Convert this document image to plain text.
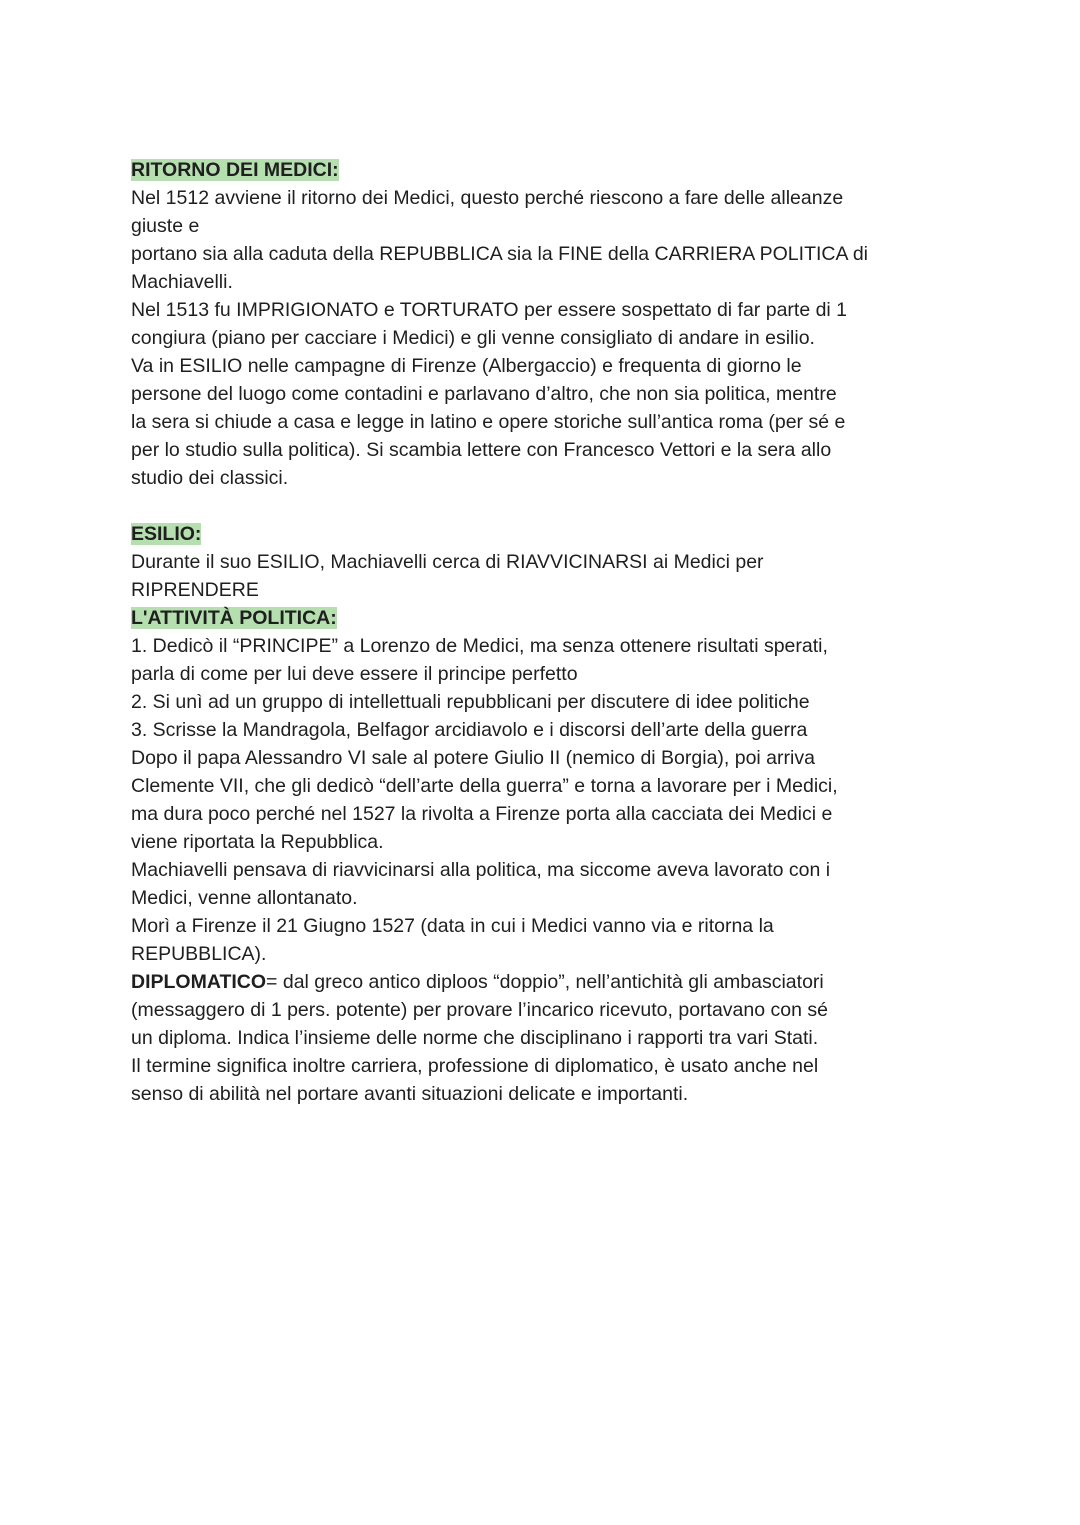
RITORNO DEI MEDICI:
Nel 1512 avviene il ritorno dei Medici, questo perché riescono a fare delle alleanze
giuste e
portano sia alla caduta della REPUBBLICA sia la FINE della CARRIERA POLITICA di
Machiavelli.
Nel 1513 fu IMPRIGIONATO e TORTURATO per essere sospettato di far parte di 1
congiura (piano per cacciare i Medici) e gli venne consigliato di andare in esilio.
Va in ESILIO nelle campagne di Firenze (Albergaccio) e frequenta di giorno le
persone del luogo come contadini e parlavano d’altro, che non sia politica, mentre
la sera si chiude a casa e legge in latino e opere storiche sull’antica roma (per sé e
per lo studio sulla politica). Si scambia lettere con Francesco Vettori e la sera allo
studio dei classici.
ESILIO:
Durante il suo ESILIO, Machiavelli cerca di RIAVVICINARSI ai Medici per
RIPRENDERE
L'ATTIVITÀ POLITICA:
1. Dedicò il “PRINCIPE” a Lorenzo de Medici, ma senza ottenere risultati sperati,
parla di come per lui deve essere il principe perfetto
2. Si unì ad un gruppo di intellettuali repubblicani per discutere di idee politiche
3. Scrisse la Mandragola, Belfagor arcidiavolo e i discorsi dell’arte della guerra
Dopo il papa Alessandro VI sale al potere Giulio II (nemico di Borgia), poi arriva
Clemente VII, che gli dedicò “dell’arte della guerra” e torna a lavorare per i Medici,
ma dura poco perché nel 1527 la rivolta a Firenze porta alla cacciata dei Medici e
viene riportata la Repubblica.
Machiavelli pensava di riavvicinarsi alla politica, ma siccome aveva lavorato con i
Medici, venne allontanato.
Morì a Firenze il 21 Giugno 1527 (data in cui i Medici vanno via e ritorna la
REPUBBLICA).
DIPLOMATICO= dal greco antico diploos “doppio”, nell’antichità gli ambasciatori
(messaggero di 1 pers. potente) per provare l’incarico ricevuto, portavano con sé
un diploma. Indica l’insieme delle norme che disciplinano i rapporti tra vari Stati.
Il termine significa inoltre carriera, professione di diplomatico, è usato anche nel
senso di abilità nel portare avanti situazioni delicate e importanti.
